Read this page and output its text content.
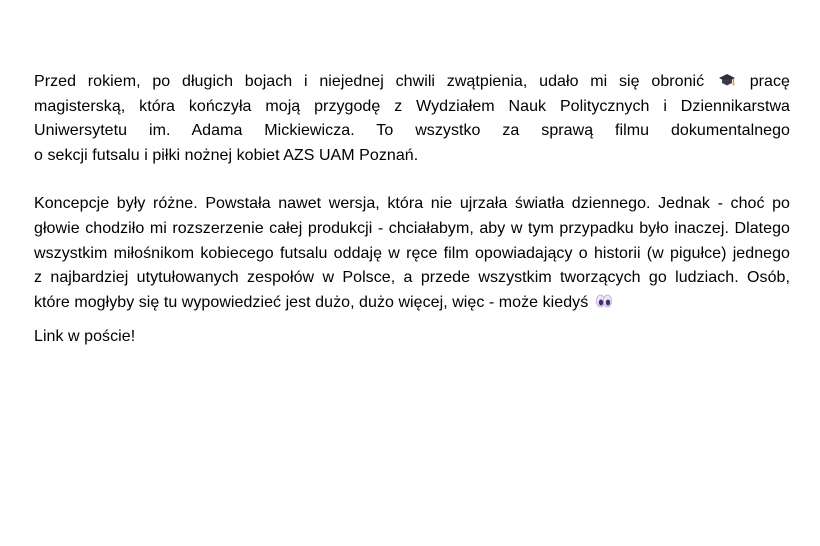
Przed rokiem, po długich bojach i niejednej chwili zwątpienia, udało mi się obronić	pracę
magisterską, która kończyła moją przygodę z Wydziałem Nauk Politycznych i Dziennikarstwa
Uniwersytetu im. Adama Mickiewicza. To wszystko za sprawą filmu dokumentalnego
o sekcji futsalu i piłki nożnej kobiet AZS UAM Poznań.

Koncepcje były różne. Powstała nawet wersja, która nie ujrzała światła dziennego. Jednak - choć po
głowie chodziło mi rozszerzenie całej produkcji - chciałabym, aby w tym przypadku było inaczej. Dlatego
wszystkim miłośnikom kobiecego futsalu oddaję w ręce film opowiadający o historii (w pigułce) jednego
z najbardziej utytułowanych zespołów w Polsce, a przede wszystkim tworzących go ludziach. Osób,
które mogłyby się tu wypowiedzieć jest dużo, dużo więcej, więc - może kiedyś

Link w poście!
